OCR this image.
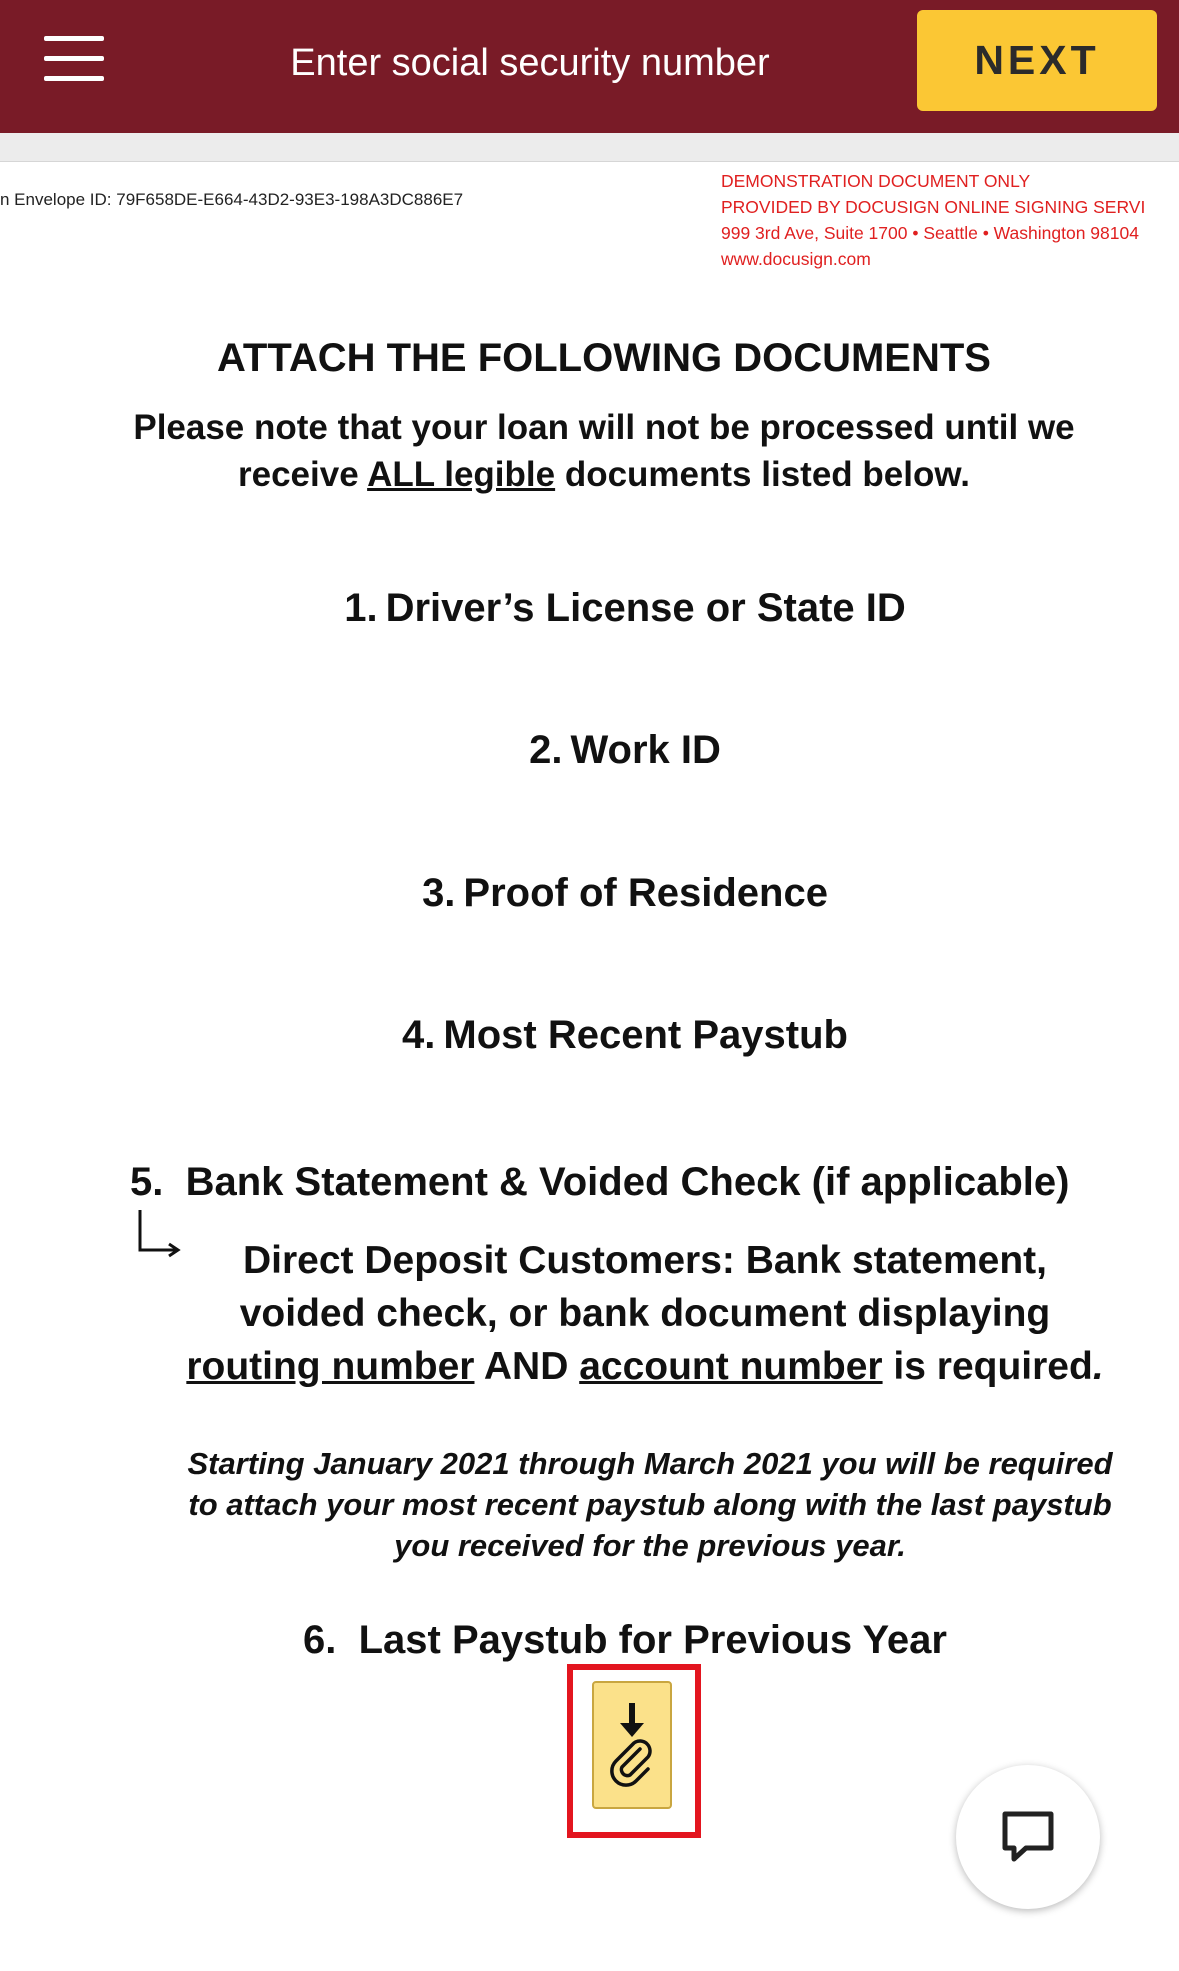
Enter social security number	NEXT
n Envelope ID: 79F658DE-E664-43D2-93E3-198A3DC886E7
DEMONSTRATION DOCUMENT ONLY
PROVIDED BY DOCUSIGN ONLINE SIGNING SERVI
999 3rd Ave, Suite 1700 • Seattle • Washington 98104
www.docusign.com
ATTACH THE FOLLOWING DOCUMENTS
Please note that your loan will not be processed until we
receive ALL legible documents listed below.
1. Driver’s License or State ID
2. Work ID
3. Proof of Residence
4. Most Recent Paystub
5. Bank Statement & Voided Check (if applicable)
Direct Deposit Customers: Bank statement,
voided check, or bank document displaying
routing number AND account number is required.
Starting January 2021 through March 2021 you will be required
to attach your most recent paystub along with the last paystub
you received for the previous year.
6. Last Paystub for Previous Year
